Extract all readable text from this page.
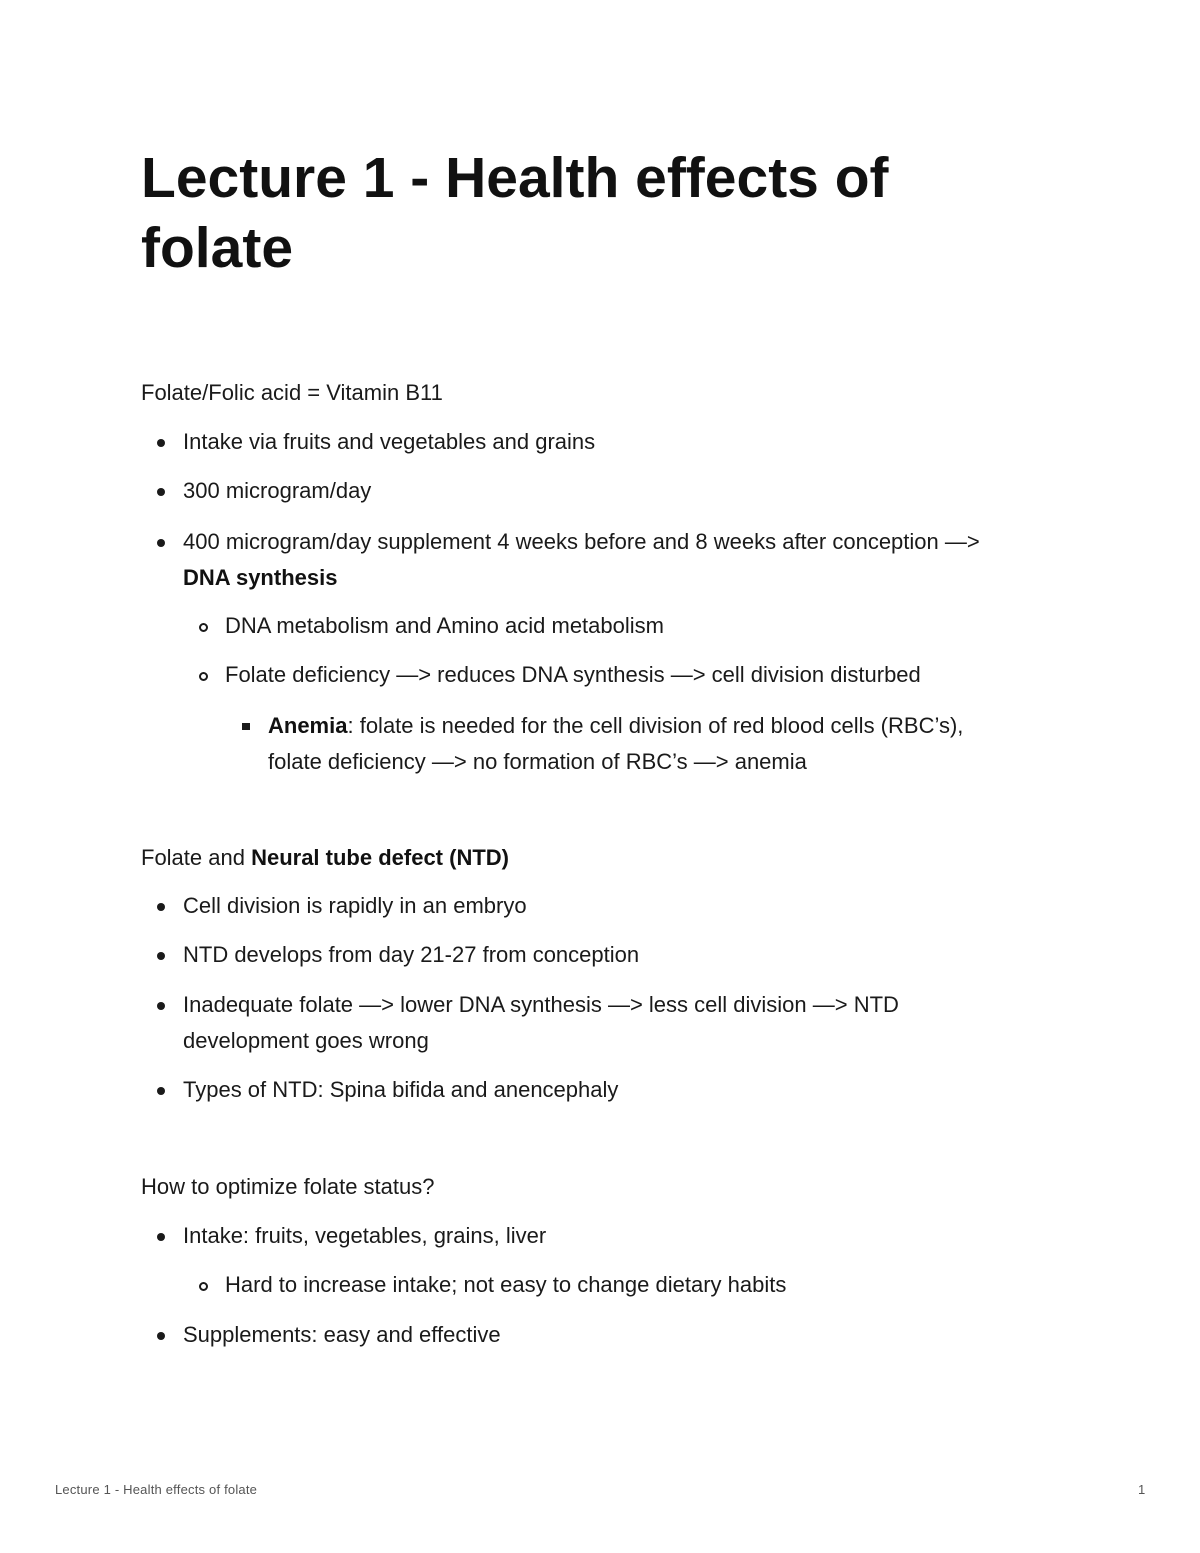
Lecture 1 - Health effects of folate

Folate/Folic acid = Vitamin B11

Intake via fruits and vegetables and grains
300 microgram/day
400 microgram/day supplement 4 weeks before and 8 weeks after conception —>
DNA synthesis
DNA metabolism and Amino acid metabolism
Folate deficiency —> reduces DNA synthesis —> cell division disturbed
Anemia: folate is needed for the cell division of red blood cells (RBC’s),
folate deficiency —> no formation of RBC’s —> anemia

Folate and Neural tube defect (NTD)

Cell division is rapidly in an embryo
NTD develops from day 21-27 from conception
Inadequate folate —> lower DNA synthesis —> less cell division —> NTD
development goes wrong
Types of NTD: Spina bifida and anencephaly

How to optimize folate status?

Intake: fruits, vegetables, grains, liver
Hard to increase intake; not easy to change dietary habits
Supplements: easy and effective
Lecture 1 - Health effects of folate	1
